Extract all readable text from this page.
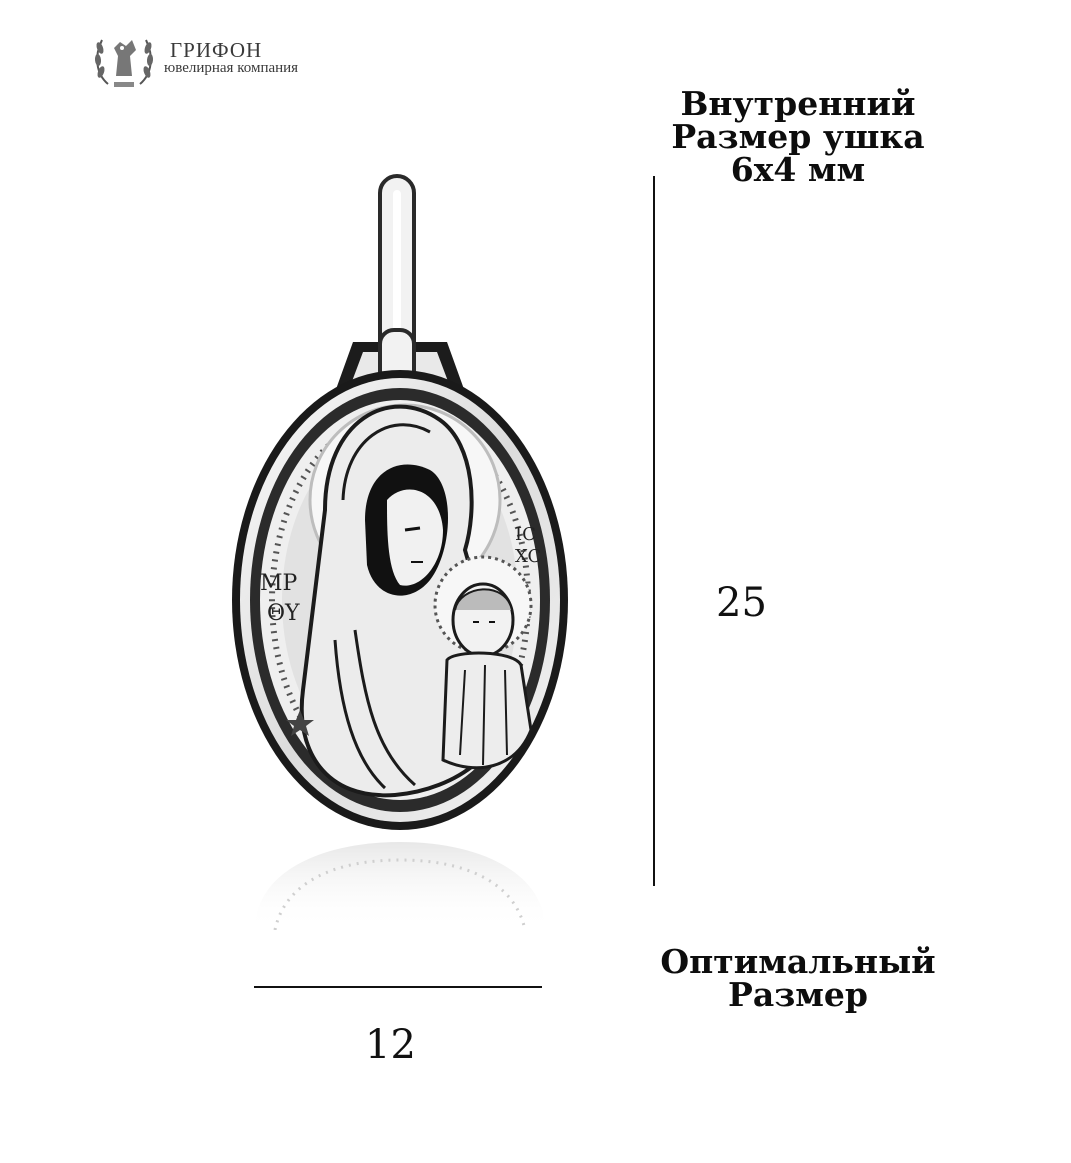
ГРИФОН
ювелирная компания
Внутренний
Размер ушка
6х4 мм
25
MP
ΘY
IC
XC
12
Оптимальный
Размер
